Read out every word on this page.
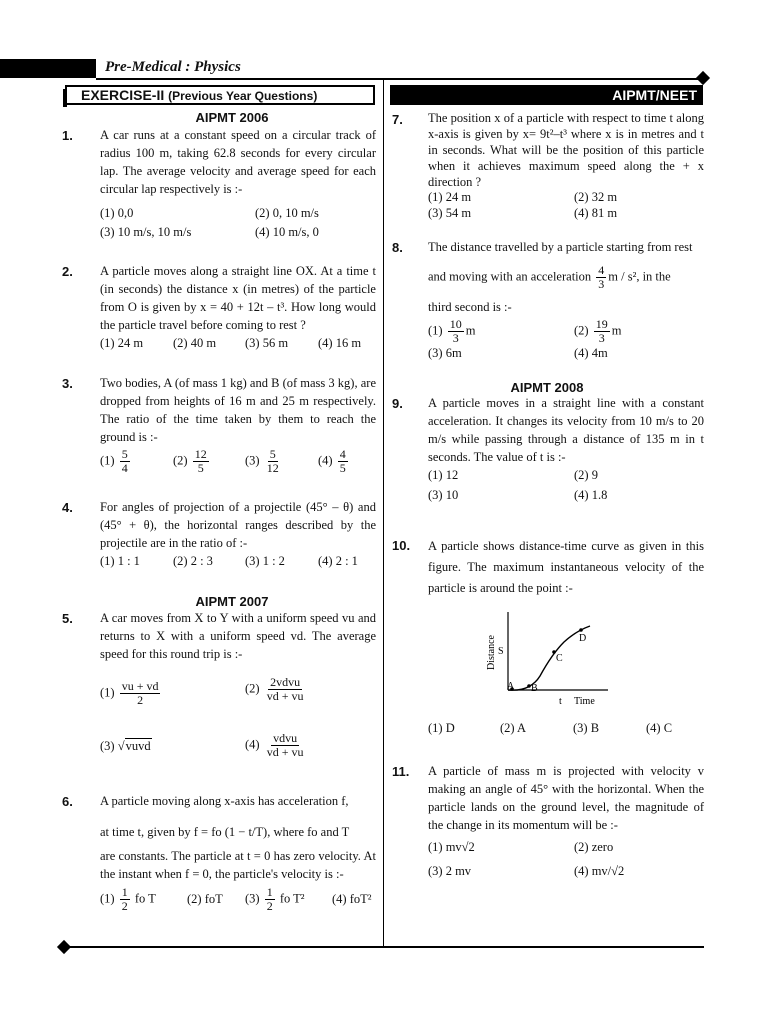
Pre-Medical : Physics
EXERCISE-II (Previous Year Questions)	AIPMT/NEET
AIPMT 2006
1. A car runs at a constant speed on a circular track of radius 100 m, taking 62.8 seconds for every circular lap. The average velocity and average speed for each circular lap respectively is :-
(1) 0,0	(2) 0, 10 m/s
(3) 10 m/s, 10 m/s	(4) 10 m/s, 0
2. A particle moves along a straight line OX. At a time t (in seconds) the distance x (in metres) of the particle from O is given by x = 40 + 12t – t³. How long would the particle travel before coming to rest ?
(1) 24 m (2) 40 m (3) 56 m (4) 16 m
3. Two bodies, A (of mass 1 kg) and B (of mass 3 kg), are dropped from heights of 16 m and 25 m respectively. The ratio of the time taken by them to reach the ground is :-
$(1) \frac{5}{4}$	$(2) \frac{12}{5}$	$(3) \frac{5}{12}$	$(4) \frac{4}{5}$
4. For angles of projection of a projectile (45° – θ) and (45° + θ), the horizontal ranges described by the projectile are in the ratio of :-
(1) 1 : 1	(2) 2 : 3	(3) 1 : 2	(4) 2 : 1
AIPMT 2007
5. A car moves from X to Y with a uniform speed vu and returns to X with a uniform speed vd. The average speed for this round trip is :-
$(1) \frac{vu + vd}{2}$	$(2) \frac{\text{2vdvu}}{vd + vu}$
(3) √vuvd	$(4) \frac{\text{vdvu}}{vd + vu}$
6. A particle moving along x-axis has acceleration f,
at time t, given by f = fo (1 − t/T), where fo and T
are constants. The particle at t = 0 has zero velocity. At the instant when f = 0, the particle's velocity is :-
$(1) \frac{1}{2}$ fo T (2) foT $(3) \frac{1}{2}$ fo T² (4) foT²
7. The position x of a particle with respect to time t along x-axis is given by x= 9t²–t³ where x is in metres and t in seconds. What will be the position of this particle when it achieves maximum speed along the + x direction ?
(1) 24 m	(2) 32 m
(3) 54 m	(4) 81 m
8. The distance travelled by a particle starting from rest
and moving with an acceleration $\frac{4}{3}$ m / s², in the
third second is :-
$(1) \frac{10}{3}$ m	$(2) \frac{19}{3}$ m
(3) 6m	(4) 4m
AIPMT 2008
9. A particle moves in a straight line with a constant acceleration. It changes its velocity from 10 m/s to 20 m/s while passing through a distance of 135 m in t seconds. The value of t is :-
(1) 12	(2) 9
(3) 10	(4) 1.8
10. A particle shows distance-time curve as given in this figure. The maximum instantaneous velocity of the particle is around the point :-
Distance S
A B
C
D
t Time
(1) D	(2) A	(3) B	(4) C
11. A particle of mass m is projected with velocity v making an angle of 45° with the horizontal. When the particle lands on the ground level, the magnitude of the change in its momentum will be :-
(1) mv√2	(2) zero
(3) 2 mv	(4) mv/√2
